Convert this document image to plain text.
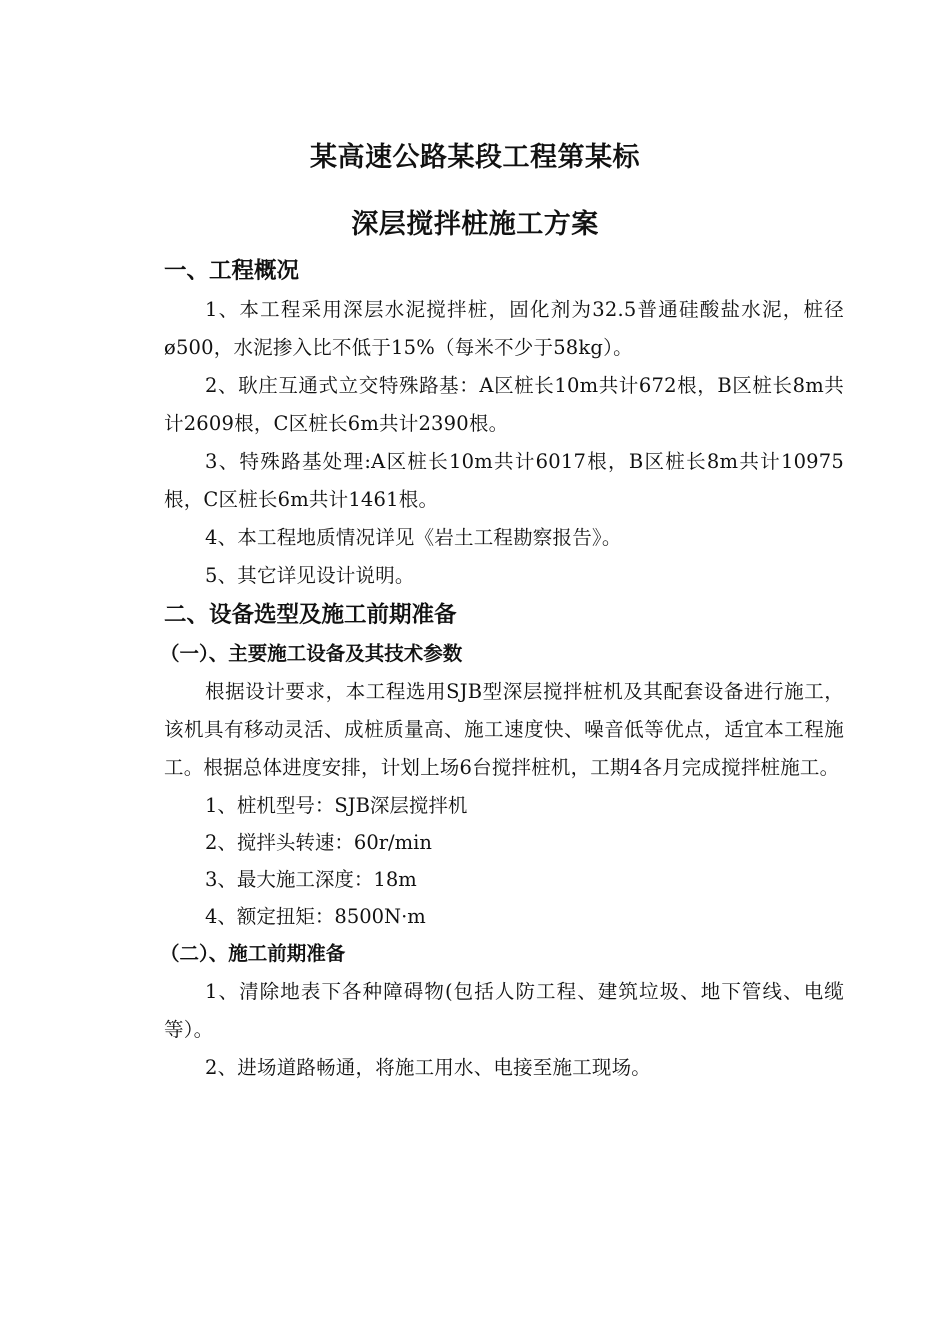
某高速公路某段工程第某标
深层搅拌桩施工方案
一、工程概况

1、本工程采用深层水泥搅拌桩，固化剂为32.5普通硅酸盐水泥，桩径ø500，水泥掺入比不低于15%（每米不少于58kg）。

2、耿庄互通式立交特殊路基：A区桩长10m共计672根，B区桩长8m共计2609根，C区桩长6m共计2390根。

3、特殊路基处理:A区桩长10m共计6017根，B区桩长8m共计10975根，C区桩长6m共计1461根。

4、本工程地质情况详见《岩土工程勘察报告》。

5、其它详见设计说明。

二、设备选型及施工前期准备
（一）、主要施工设备及其技术参数

根据设计要求，本工程选用SJB型深层搅拌桩机及其配套设备进行施工，该机具有移动灵活、成桩质量高、施工速度快、噪音低等优点，适宜本工程施工。根据总体进度安排，计划上场6台搅拌桩机，工期4各月完成搅拌桩施工。

1、桩机型号：SJB深层搅拌机

2、搅拌头转速：60r/min

3、最大施工深度：18m

4、额定扭矩：8500N·m

（二）、施工前期准备

1、清除地表下各种障碍物(包括人防工程、建筑垃圾、地下管线、电缆等）。

2、进场道路畅通，将施工用水、电接至施工现场。
